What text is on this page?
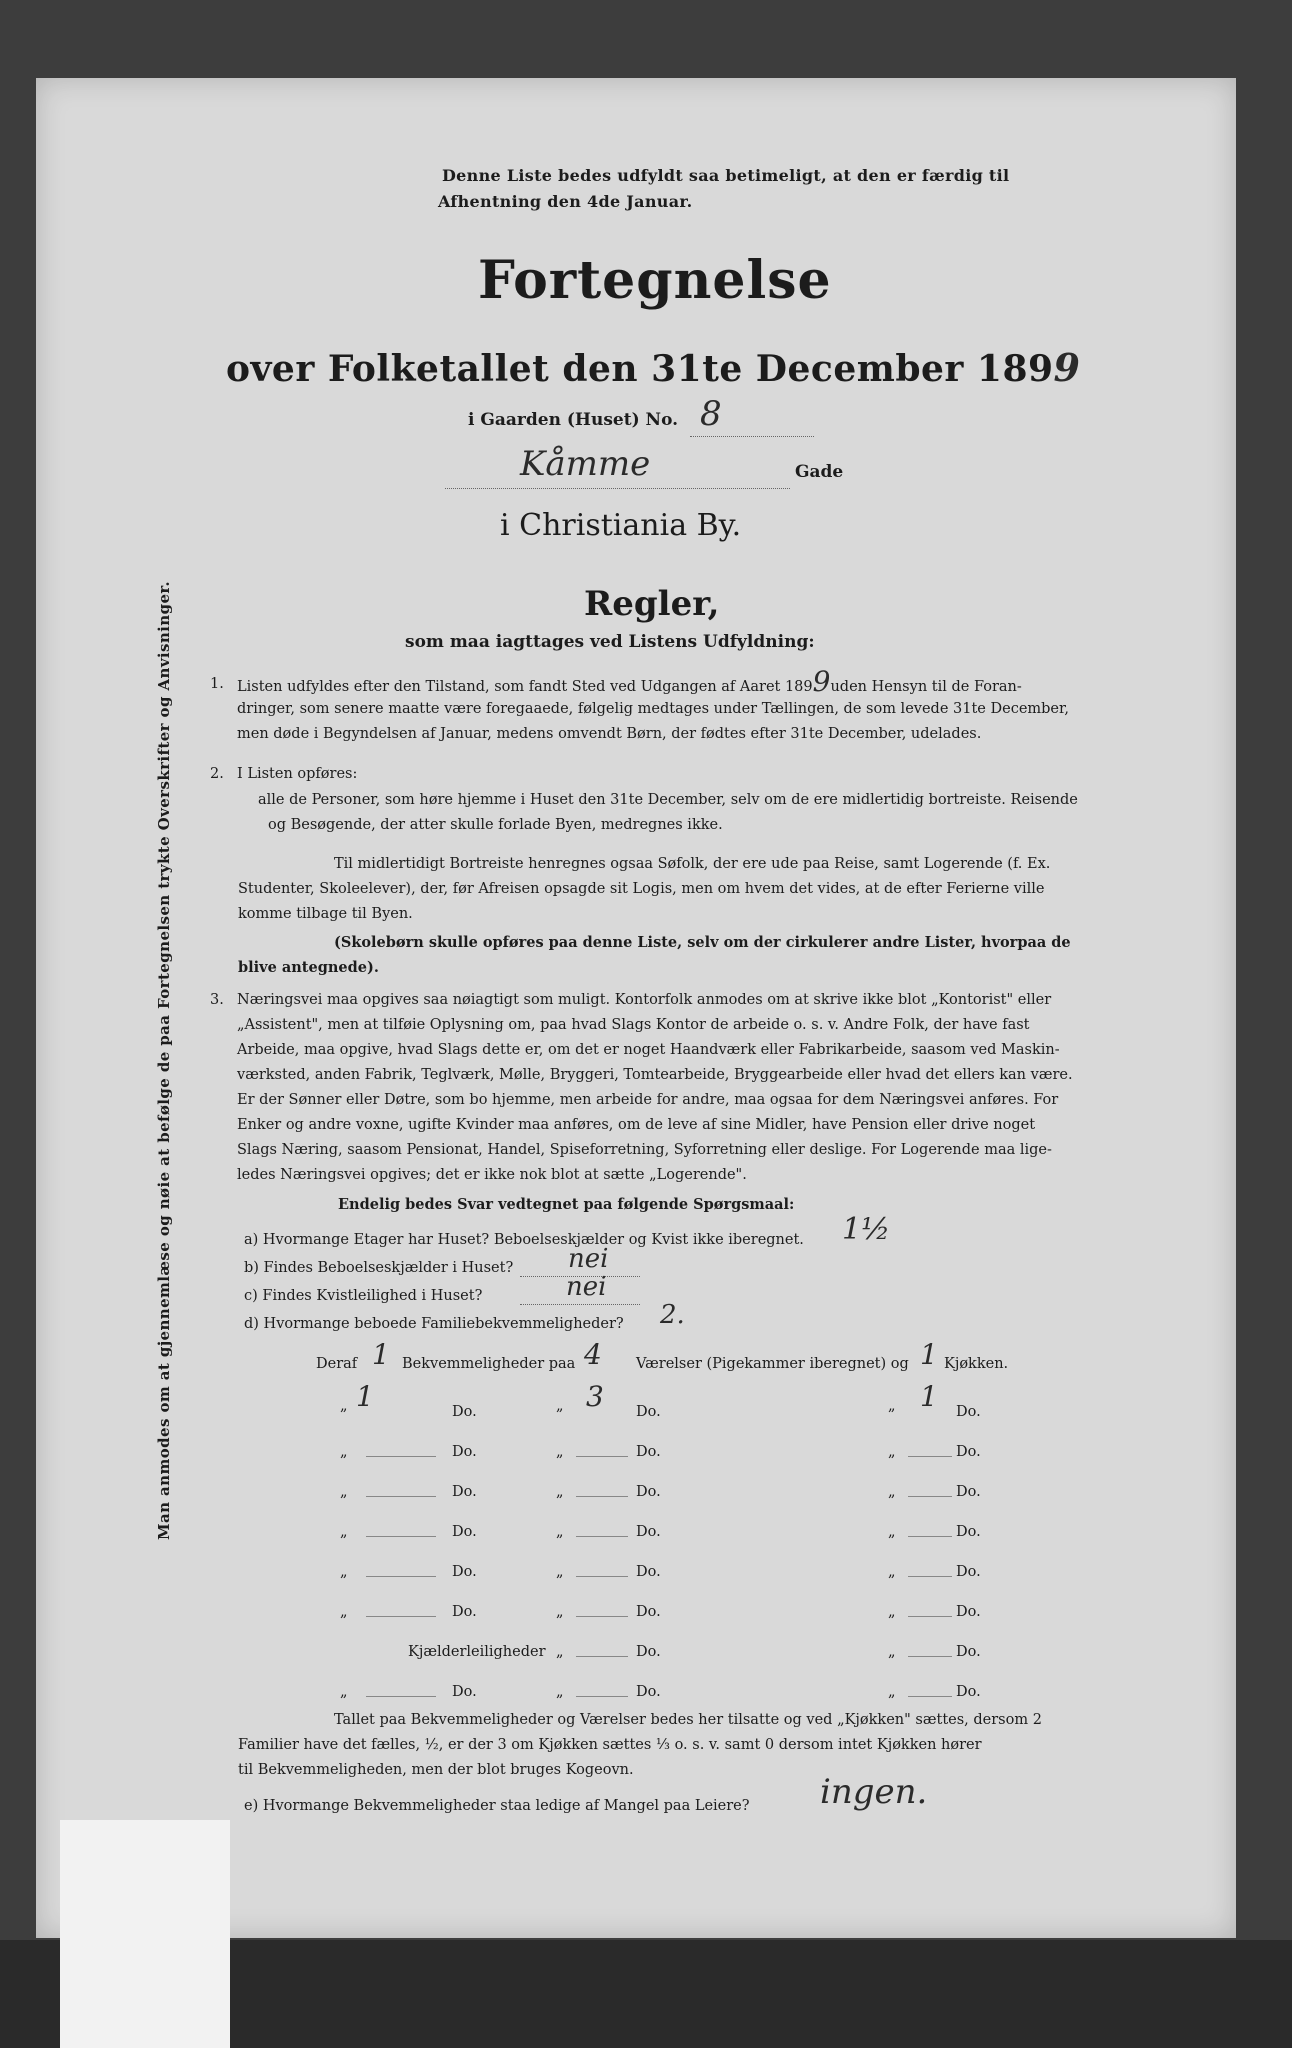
Denne Liste bedes udfyldt saa betimeligt, at den er færdig til
Afhentning den 4de Januar.
Fortegnelse
over Folketallet den 31te December 1899
i Gaarden (Huset) No. 8
Kåmme	Gade
i Christiania By.
Man anmodes om at gjennemlæse og nøie at befølge de paa Fortegnelsen trykte Overskrifter og Anvisninger.	Regler,
som maa iagttages ved Listens Udfyldning:
1. Listen udfyldes efter den Tilstand, som fandt Sted ved Udgangen af Aaret 1899uden Hensyn til de Foran-
dringer, som senere maatte være foregaaede, følgelig medtages under Tællingen, de som levede 31te December,
men døde i Begyndelsen af Januar, medens omvendt Børn, der fødtes efter 31te December, udelades.
2. I Listen opføres:
alle de Personer, som høre hjemme i Huset den 31te December, selv om de ere midlertidig bortreiste. Reisende
og Besøgende, der atter skulle forlade Byen, medregnes ikke.
Til midlertidigt Bortreiste henregnes ogsaa Søfolk, der ere ude paa Reise, samt Logerende (f. Ex.
Studenter, Skoleelever), der, før Afreisen opsagde sit Logis, men om hvem det vides, at de efter Ferierne ville
komme tilbage til Byen.
(Skolebørn skulle opføres paa denne Liste, selv om der cirkulerer andre Lister, hvorpaa de
blive antegnede).
3. Næringsvei maa opgives saa nøiagtigt som muligt. Kontorfolk anmodes om at skrive ikke blot „Kontorist" eller
„Assistent", men at tilføie Oplysning om, paa hvad Slags Kontor de arbeide o. s. v. Andre Folk, der have fast
Arbeide, maa opgive, hvad Slags dette er, om det er noget Haandværk eller Fabrikarbeide, saasom ved Maskin-
værksted, anden Fabrik, Teglværk, Mølle, Bryggeri, Tomtearbeide, Bryggearbeide eller hvad det ellers kan være.
Er der Sønner eller Døtre, som bo hjemme, men arbeide for andre, maa ogsaa for dem Næringsvei anføres. For
Enker og andre voxne, ugifte Kvinder maa anføres, om de leve af sine Midler, have Pension eller drive noget
Slags Næring, saasom Pensionat, Handel, Spiseforretning, Syforretning eller deslige. For Logerende maa lige-
ledes Næringsvei opgives; det er ikke nok blot at sætte „Logerende".
Endelig bedes Svar vedtegnet paa følgende Spørgsmaal:
a) Hvormange Etager har Huset? Beboelseskjælder og Kvist ikke iberegnet. 1½
b) Findes Beboelseskjælder i Huset? nei
c) Findes Kvistleilighed i Huset?	nei
d) Hvormange beboede Familiebekvemmeligheder? 2.
Deraf 1 Bekvemmeligheder paa 4 Værelser (Pigekammer iberegnet) og 1 Kjøkken.
„ 1	Do.	„ 3 Do.	„ 1 Do.
„	Do.	„	Do.	„	Do.
„	Do.	„	Do.	„	Do.
„	Do.	„	Do.	„	Do.
„	Do.	„	Do.	„	Do.
„	Do.	„	Do.	„	Do.
Kjælderleiligheder „	Do.	„	Do.
„	Do.	„	Do.	„	Do.
Tallet paa Bekvemmeligheder og Værelser bedes her tilsatte og ved „Kjøkken" sættes, dersom 2
Familier have det fælles, ½, er der 3 om Kjøkken sættes ⅓ o. s. v. samt 0 dersom intet Kjøkken hører
til Bekvemmeligheden, men der blot bruges Kogeovn.
e) Hvormange Bekvemmeligheder staa ledige af Mangel paa Leiere? ingen.
